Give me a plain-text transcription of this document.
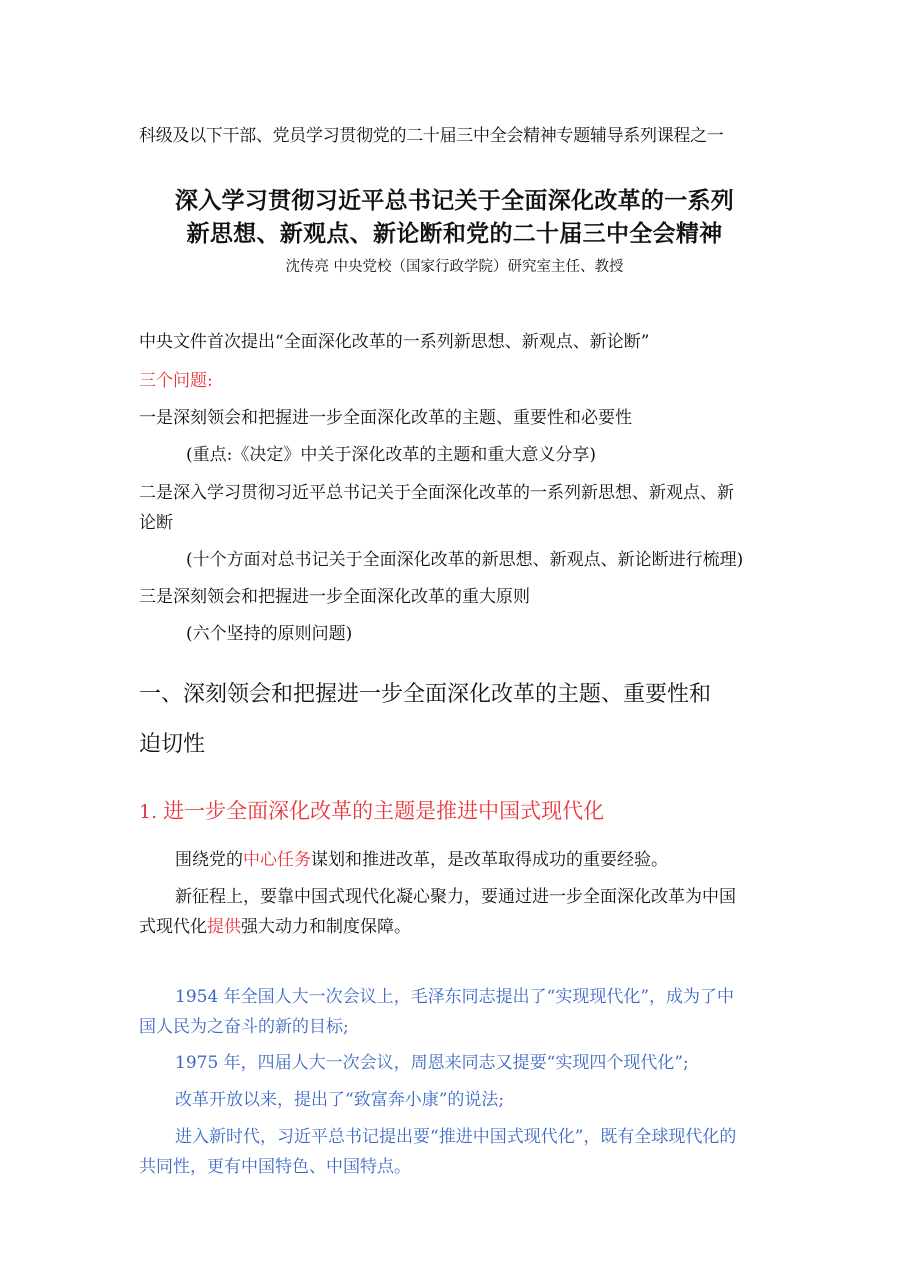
科级及以下干部、党员学习贯彻党的二十届三中全会精神专题辅导系列课程之一
深入学习贯彻习近平总书记关于全面深化改革的一系列
新思想、新观点、新论断和党的二十届三中全会精神
沈传亮 中央党校（国家行政学院）研究室主任、教授
中央文件首次提出“全面深化改革的一系列新思想、新观点、新论断”
三个问题:
一是深刻领会和把握进一步全面深化改革的主题、重要性和必要性
(重点:《决定》中关于深化改革的主题和重大意义分享)
二是深入学习贯彻习近平总书记关于全面深化改革的一系列新思想、新观点、新
论断
(十个方面对总书记关于全面深化改革的新思想、新观点、新论断进行梳理)
三是深刻领会和把握进一步全面深化改革的重大原则
(六个坚持的原则问题)
一、深刻领会和把握进一步全面深化改革的主题、重要性和
迫切性
1. 进一步全面深化改革的主题是推进中国式现代化
围绕党的中心任务谋划和推进改革，是改革取得成功的重要经验。
新征程上，要靠中国式现代化凝心聚力，要通过进一步全面深化改革为中国
式现代化提供强大动力和制度保障。
1954 年全国人大一次会议上，毛泽东同志提出了“实现现代化”，成为了中
国人民为之奋斗的新的目标;
1975 年，四届人大一次会议，周恩来同志又提要“实现四个现代化”;
改革开放以来，提出了“致富奔小康”的说法;
进入新时代，习近平总书记提出要“推进中国式现代化”，既有全球现代化的
共同性，更有中国特色、中国特点。
